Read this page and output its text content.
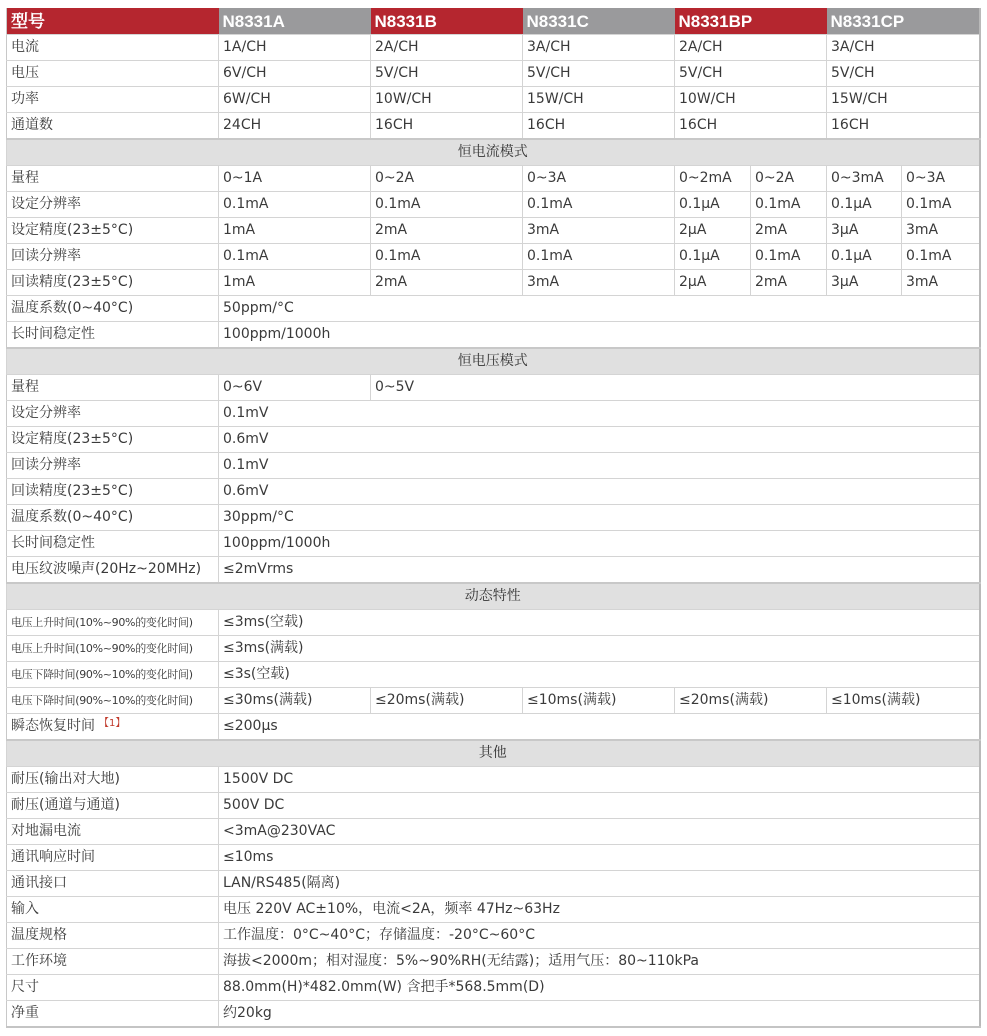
型号	N8331A	N8331B	N8331C	N8331BP		N8331CP	
电流	1A/CH	2A/CH	3A/CH	2A/CH		3A/CH	
电压	6V/CH	5V/CH	5V/CH	5V/CH		5V/CH	
功率	6W/CH	10W/CH	15W/CH	10W/CH		15W/CH	
通道数	24CH	16CH	16CH	16CH		16CH	
恒电流模式							
量程	0~1A	0~2A	0~3A	0~2mA	0~2A	0~3mA	0~3A
设定分辨率	0.1mA	0.1mA	0.1mA	0.1μA	0.1mA	0.1μA	0.1mA
设定精度(23±5°C)	1mA	2mA	3mA	2μA	2mA	3μA	3mA
回读分辨率	0.1mA	0.1mA	0.1mA	0.1μA	0.1mA	0.1μA	0.1mA
回读精度(23±5°C)	1mA	2mA	3mA	2μA	2mA	3μA	3mA
温度系数(0~40°C)	50ppm/°C						
长时间稳定性	100ppm/1000h						
恒电压模式							
量程	0~6V	0~5V					
设定分辨率	0.1mV						
设定精度(23±5°C)	0.6mV						
回读分辨率	0.1mV						
回读精度(23±5°C)	0.6mV						
温度系数(0~40°C)	30ppm/°C						
长时间稳定性	100ppm/1000h						
电压纹波噪声(20Hz~20MHz)	≤2mVrms						
动态特性							
电压上升时间(10%~90%的变化时间)	≤3ms(空载)						
电压上升时间(10%~90%的变化时间)	≤3ms(满载)						
电压下降时间(90%~10%的变化时间)	≤3s(空载)						
电压下降时间(90%~10%的变化时间)	≤30ms(满载)	≤20ms(满载)	≤10ms(满载)	≤20ms(满载)		≤10ms(满载)	
瞬态恢复时间 $^{【1】}$	≤200μs						
其他							
耐压(输出对大地)	1500V DC						
耐压(通道与通道)	500V DC						
对地漏电流	<3mA@230VAC						
通讯响应时间	≤10ms						
通讯接口	LAN/RS485(隔离)						
输入	电压 220V AC±10%，电流<2A，频率 47Hz~63Hz						
温度规格	工作温度：0°C~40°C；存储温度：-20°C~60°C						
工作环境	海拔<2000m；相对湿度：5%~90%RH(无结露)；适用气压：80~110kPa						
尺寸	88.0mm(H)*482.0mm(W) 含把手*568.5mm(D)						
净重	约20kg						
